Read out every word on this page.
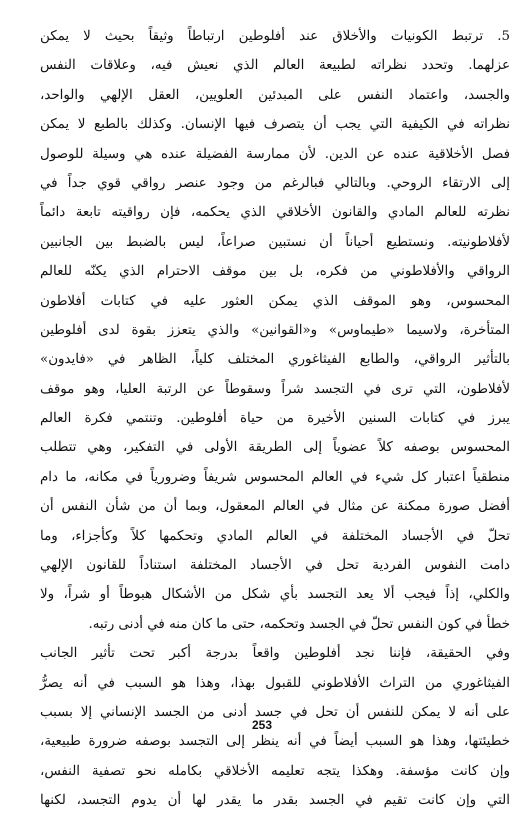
5. ترتبط الكونيات والأخلاق عند أفلوطين ارتباطاً وثيقاً بحيث لا يمكن
عزلهما. وتحدد نظراته لطبيعة العالم الذي نعيش فيه، وعلاقات النفس
والجسد، واعتماد النفس على المبدئين العلويين، العقل الإلهي والواحد،
نظراته في الكيفية التي يجب أن يتصرف فيها الإنسان. وكذلك بالطبع لا يمكن
فصل الأخلاقية عنده عن الدين. لأن ممارسة الفضيلة عنده هي وسيلة للوصول
إلى الارتقاء الروحي. وبالتالي فبالرغم من وجود عنصر رواقي قوي جداً في
نظرته للعالم المادي والقانون الأخلاقي الذي يحكمه، فإن رواقيته تابعة دائماً
لأفلاطونيته. ونستطيع أحياناً أن نستبين صراعاً، ليس بالضبط بين الجانبين
الرواقي والأفلاطوني من فكره، بل بين موقف الاحترام الذي يكنّه للعالم
المحسوس، وهو الموقف الذي يمكن العثور عليه في كتابات أفلاطون
المتأخرة، ولاسيما «طيماوس» و«القوانين» والذي يتعزز بقوة لدى أفلوطين
بالتأثير الرواقي، والطابع الفيثاغوري المختلف كلياً، الظاهر في «فايدون»
لأفلاطون، التي ترى في التجسد شراً وسقوطاً عن الرتبة العليا، وهو موقف
يبرز في كتابات السنين الأخيرة من حياة أفلوطين. وتنتمي فكرة العالم
المحسوس بوصفه كلاً عضوياً إلى الطريقة الأولى في التفكير، وهي تتطلب
منطقياً اعتبار كل شيء في العالم المحسوس شريفاً وضرورياً في مكانه، ما دام
أفضل صورة ممكنة عن مثال في العالم المعقول، وبما أن من شأن النفس أن
تحلّ في الأجساد المختلفة في العالم المادي وتحكمها كلاً وكأجزاء، وما
دامت النفوس الفردية تحل في الأجساد المختلفة استناداً للقانون الإلهي
والكلي، إذاً فيجب ألا يعد التجسد بأي شكل من الأشكال هبوطاً أو شراً، ولا
خطأ في كون النفس تحلّ في الجسد وتحكمه، حتى ما كان منه في أدنى رتبه.
وفي الحقيقة، فإننا نجد أفلوطين واقعاً بدرجة أكبر تحت تأثير الجانب
الفيثاغوري من التراث الأفلاطوني للقبول بهذا، وهذا هو السبب في أنه يصرُّ
على أنه لا يمكن للنفس أن تحل في جسد أدنى من الجسد الإنساني إلا بسبب
خطيئتها، وهذا هو السبب أيضاً في أنه ينظر إلى التجسد بوصفه ضرورة طبيعية،
وإن كانت مؤسفة. وهكذا يتجه تعليمه الأخلاقي بكامله نحو تصفية النفس،
التي وإن كانت تقيم في الجسد بقدر ما يقدر لها أن يدوم التجسد، لكنها
253
